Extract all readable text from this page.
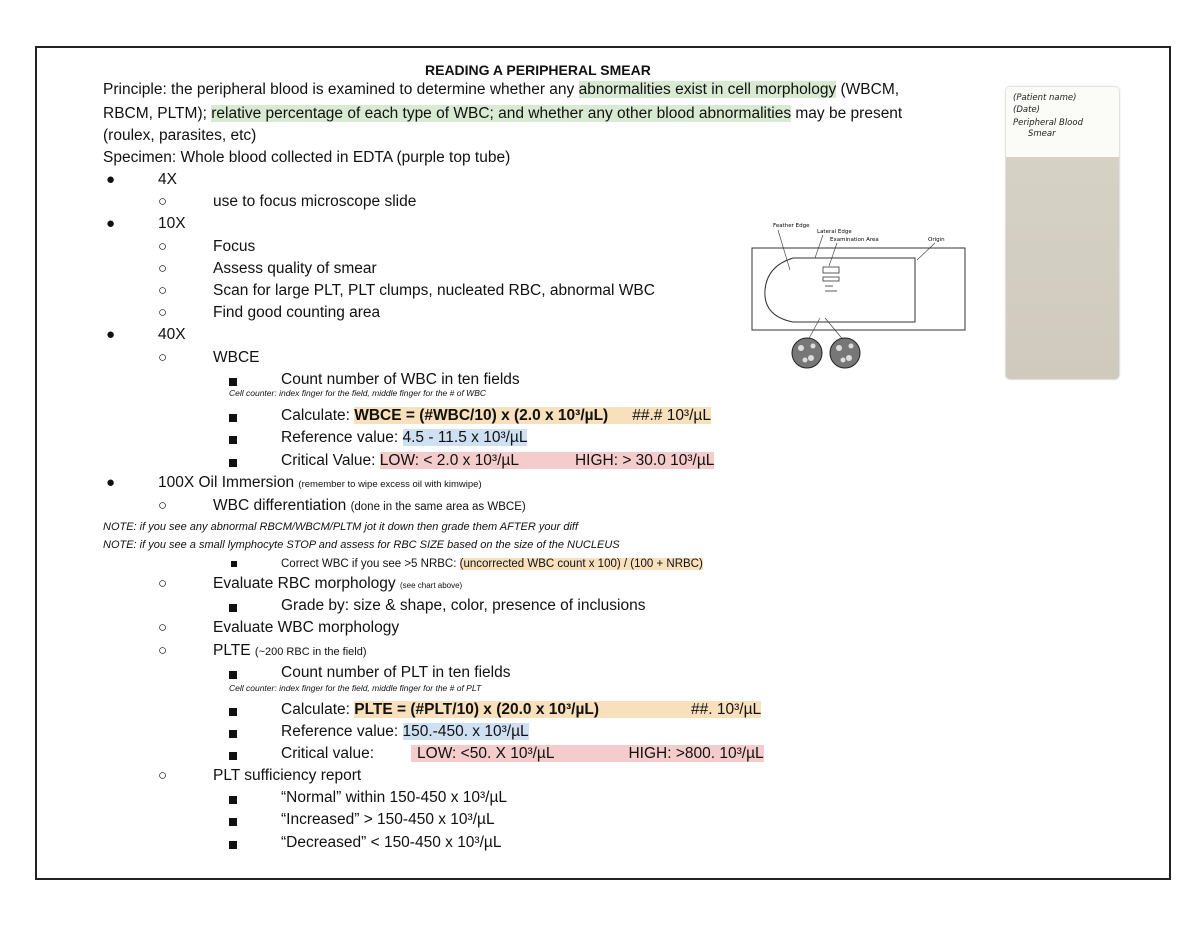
READING A PERIPHERAL SMEAR
Principle: the peripheral blood is examined to determine whether any abnormalities exist in cell morphology (WBCM,
RBCM, PLTM); relative percentage of each type of WBC; and whether any other blood abnormalities may be present
(roulex, parasites, etc)
Specimen: Whole blood collected in EDTA (purple top tube)
●	4X
○	use to focus microscope slide
●	10X
○	Focus
○	Assess quality of smear
○	Scan for large PLT, PLT clumps, nucleated RBC, abnormal WBC
○	Find good counting area
●	40X
○	WBCE
Count number of WBC in ten fields
Cell counter: index finger for the field, middle finger for the # of WBC
Calculate: WBCE = (#WBC/10) x (2.0 x 10³/µL) ##.# 10³/µL
Reference value: 4.5 - 11.5 x 10³/µL
Critical Value: LOW: < 2.0 x 10³/µL	HIGH: > 30.0 10³/µL
●	100X Oil Immersion (remember to wipe excess oil with kimwipe)
○	WBC differentiation (done in the same area as WBCE)
NOTE: if you see any abnormal RBCM/WBCM/PLTM jot it down then grade them AFTER your diff
NOTE: if you see a small lymphocyte STOP and assess for RBC SIZE based on the size of the NUCLEUS
Correct WBC if you see >5 NRBC: (uncorrected WBC count x 100) / (100 + NRBC)
○	Evaluate RBC morphology (see chart above)
Grade by: size & shape, color, presence of inclusions
○	Evaluate WBC morphology
○	PLTE (~200 RBC in the field)
Count number of PLT in ten fields
Cell counter: index finger for the field, middle finger for the # of PLT
Calculate: PLTE = (#PLT/10) x (20.0 x 10³/µL)	##. 10³/µL
Reference value: 150.-450. x 10³/µL
Critical value:	LOW: <50. X 10³/µL	HIGH: >800. 10³/µL
○	PLT sufficiency report
“Normal” within 150-450 x 10³/µL
“Increased” > 150-450 x 10³/µL
“Decreased” < 150-450 x 10³/µL
Feather Edge
Lateral Edge
Examination Area	Origin
(Patient name)
(Date)
Peripheral Blood
Smear
